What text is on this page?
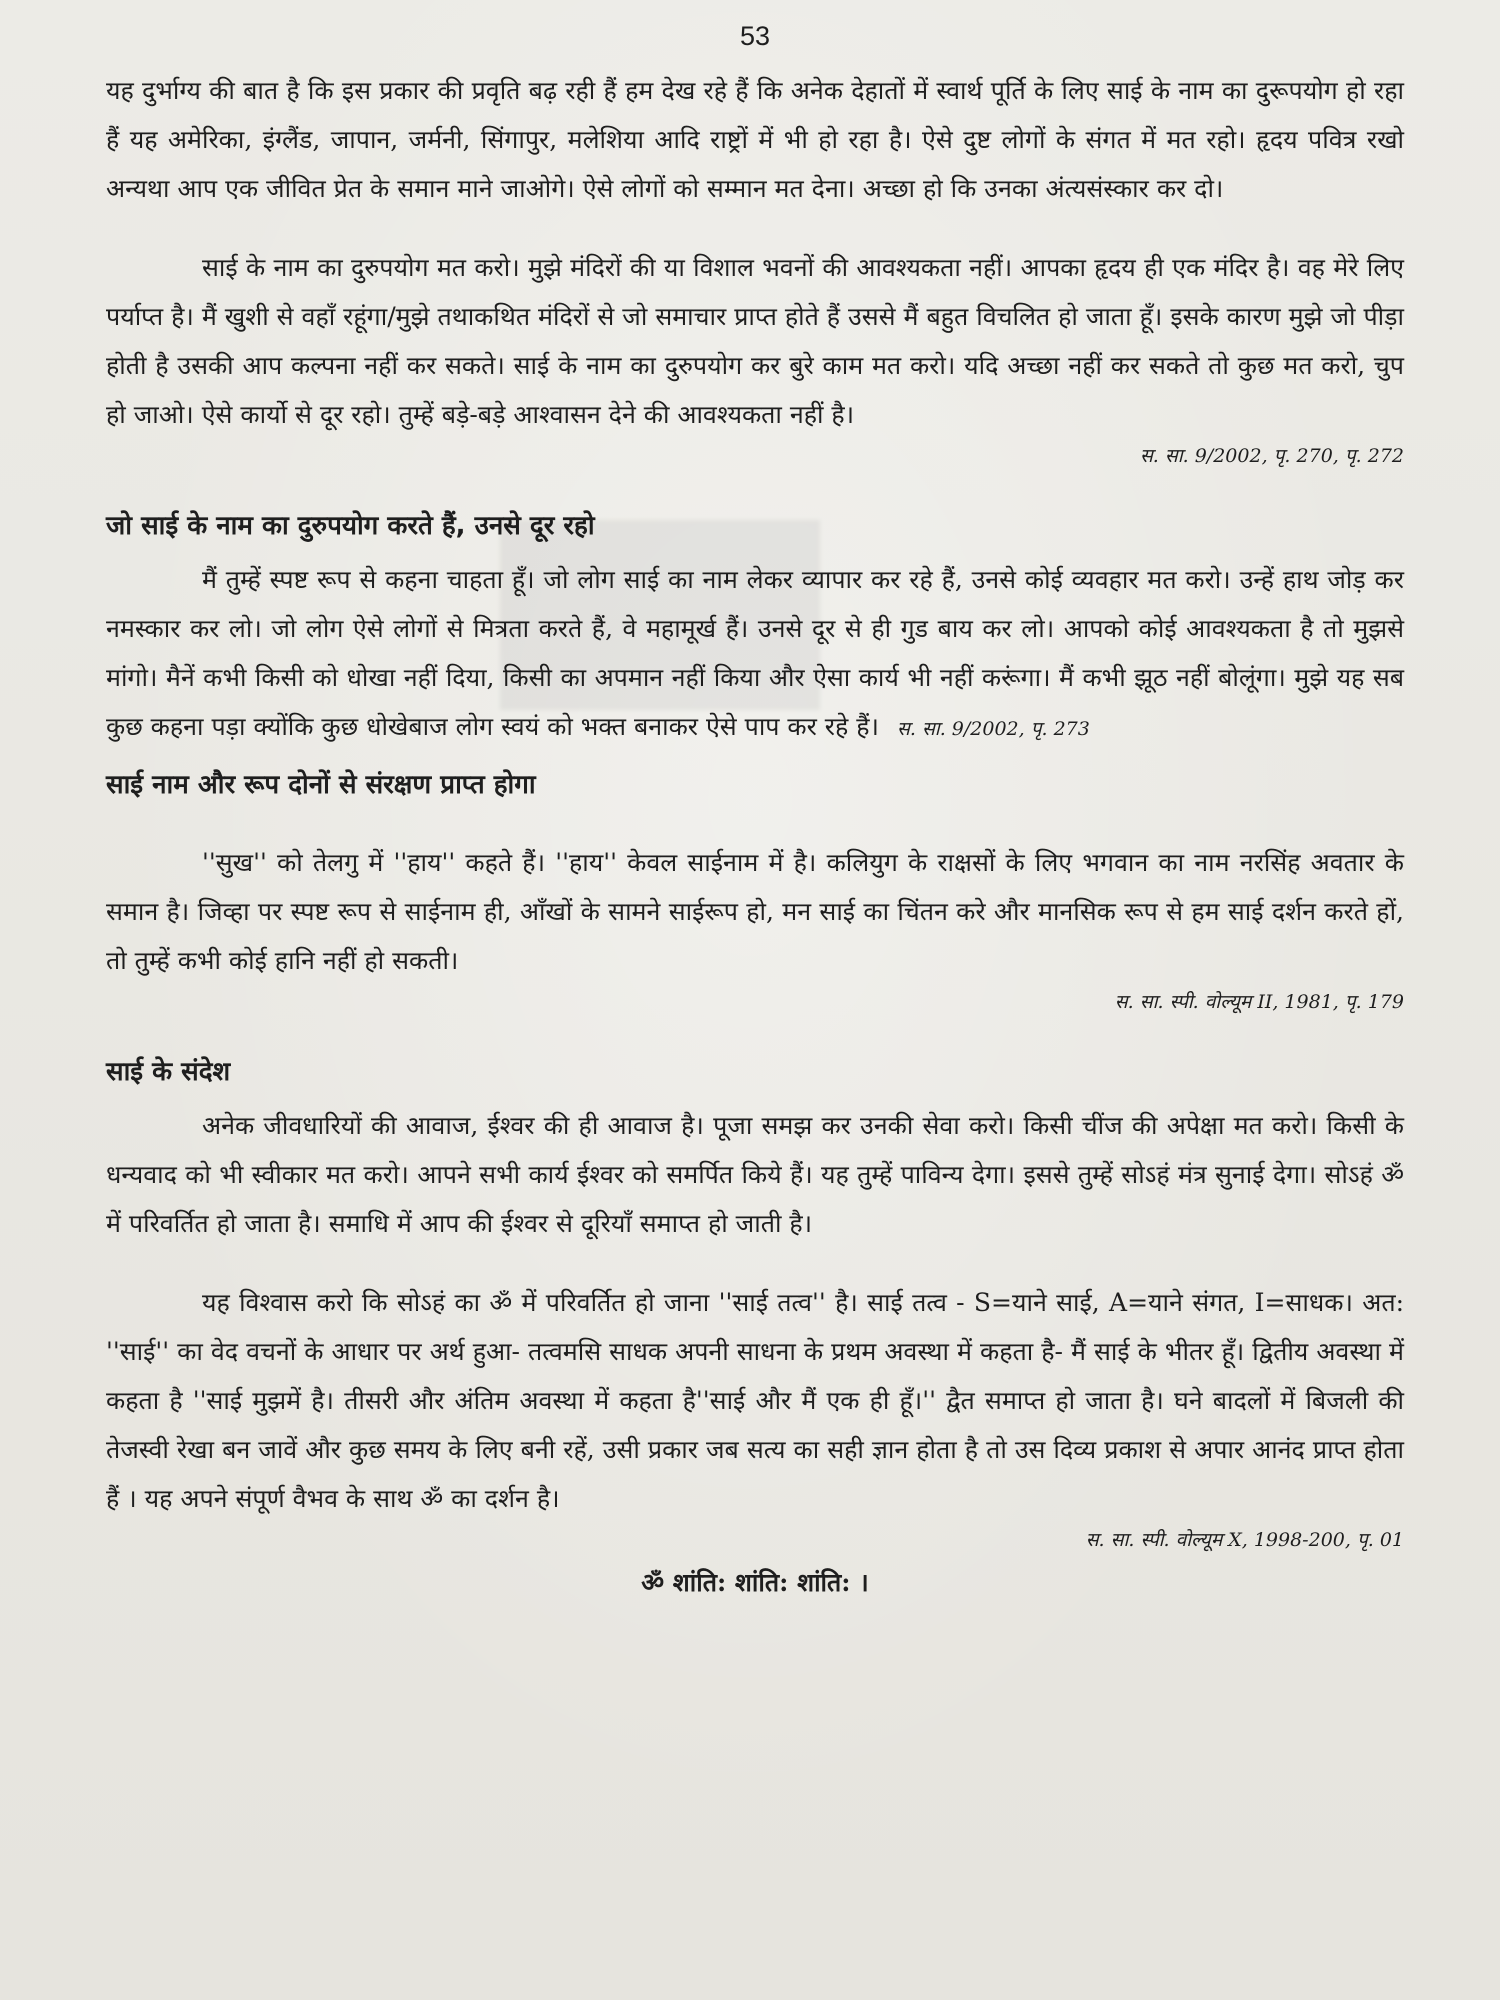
53

यह दुर्भाग्य की बात है कि इस प्रकार की प्रवृति बढ़ रही हैं हम देख रहे हैं कि अनेक देहातों में स्वार्थ पूर्ति के लिए साई के नाम का दुरूपयोग हो रहा हैं यह अमेरिका, इंग्लैंड, जापान, जर्मनी, सिंगापुर, मलेशिया आदि राष्ट्रों में भी हो रहा है। ऐसे दुष्ट लोगों के संगत में मत रहो। हृदय पवित्र रखो अन्यथा आप एक जीवित प्रेत के समान माने जाओगे। ऐसे लोगों को सम्मान मत देना। अच्छा हो कि उनका अंत्यसंस्कार कर दो।

साई के नाम का दुरुपयोग मत करो। मुझे मंदिरों की या विशाल भवनों की आवश्यकता नहीं। आपका हृदय ही एक मंदिर है। वह मेरे लिए पर्याप्त है। मैं खुशी से वहाँ रहूंगा/मुझे तथाकथित मंदिरों से जो समाचार प्राप्त होते हैं उससे मैं बहुत विचलित हो जाता हूँ। इसके कारण मुझे जो पीड़ा होती है उसकी आप कल्पना नहीं कर सकते। साई के नाम का दुरुपयोग कर बुरे काम मत करो। यदि अच्छा नहीं कर सकते तो कुछ मत करो, चुप हो जाओ। ऐसे कार्यो से दूर रहो। तुम्हें बड़े-बड़े आश्वासन देने की आवश्यकता नहीं है।

स. सा. 9/2002, पृ. 270, पृ. 272

जो साई के नाम का दुरुपयोग करते हैं, उनसे दूर रहो

मैं तुम्हें स्पष्ट रूप से कहना चाहता हूँ। जो लोग साई का नाम लेकर व्यापार कर रहे हैं, उनसे कोई व्यवहार मत करो। उन्हें हाथ जोड़ कर नमस्कार कर लो। जो लोग ऐसे लोगों से मित्रता करते हैं, वे महामूर्ख हैं। उनसे दूर से ही गुड बाय कर लो। आपको कोई आवश्यकता है तो मुझसे मांगो। मैनें कभी किसी को धोखा नहीं दिया, किसी का अपमान नहीं किया और ऐसा कार्य भी नहीं करूंगा। मैं कभी झूठ नहीं बोलूंगा। मुझे यह सब कुछ कहना पड़ा क्योंकि कुछ धोखेबाज लोग स्वयं को भक्त बनाकर ऐसे पाप कर रहे हैं। स. सा. 9/2002, पृ. 273

साई नाम और रूप दोनों से संरक्षण प्राप्त होगा

''सुख'' को तेलगु में ''हाय'' कहते हैं। ''हाय'' केवल साईनाम में है। कलियुग के राक्षसों के लिए भगवान का नाम नरसिंह अवतार के समान है। जिव्हा पर स्पष्ट रूप से साईनाम ही, आँखों के सामने साईरूप हो, मन साई का चिंतन करे और मानसिक रूप से हम साई दर्शन करते हों, तो तुम्हें कभी कोई हानि नहीं हो सकती।

स. सा. स्पी. वोल्यूम II, 1981, पृ. 179

साई के संदेश

अनेक जीवधारियों की आवाज, ईश्वर की ही आवाज है। पूजा समझ कर उनकी सेवा करो। किसी चींज की अपेक्षा मत करो। किसी के धन्यवाद को भी स्वीकार मत करो। आपने सभी कार्य ईश्वर को समर्पित किये हैं। यह तुम्हें पाविन्य देगा। इससे तुम्हें सोऽहं मंत्र सुनाई देगा। सोऽहं ॐ में परिवर्तित हो जाता है। समाधि में आप की ईश्वर से दूरियाँ समाप्त हो जाती है।

यह विश्वास करो कि सोऽहं का ॐ में परिवर्तित हो जाना ''साई तत्व'' है। साई तत्व - S=याने साई, A=याने संगत, I=साधक। अत: ''साई'' का वेद वचनों के आधार पर अर्थ हुआ- तत्वमसि साधक अपनी साधना के प्रथम अवस्था में कहता है- मैं साई के भीतर हूँ। द्वितीय अवस्था में कहता है ''साई मुझमें है। तीसरी और अंतिम अवस्था में कहता है''साई और मैं एक ही हूँ।'' द्वैत समाप्त हो जाता है। घने बादलों में बिजली की तेजस्वी रेखा बन जावें और कुछ समय के लिए बनी रहें, उसी प्रकार जब सत्य का सही ज्ञान होता है तो उस दिव्य प्रकाश से अपार आनंद प्राप्त होता हैं । यह अपने संपूर्ण वैभव के साथ ॐ का दर्शन है।

स. सा. स्पी. वोल्यूम X, 1998-200, पृ. 01

ॐ शांति: शांति: शांति: ।
